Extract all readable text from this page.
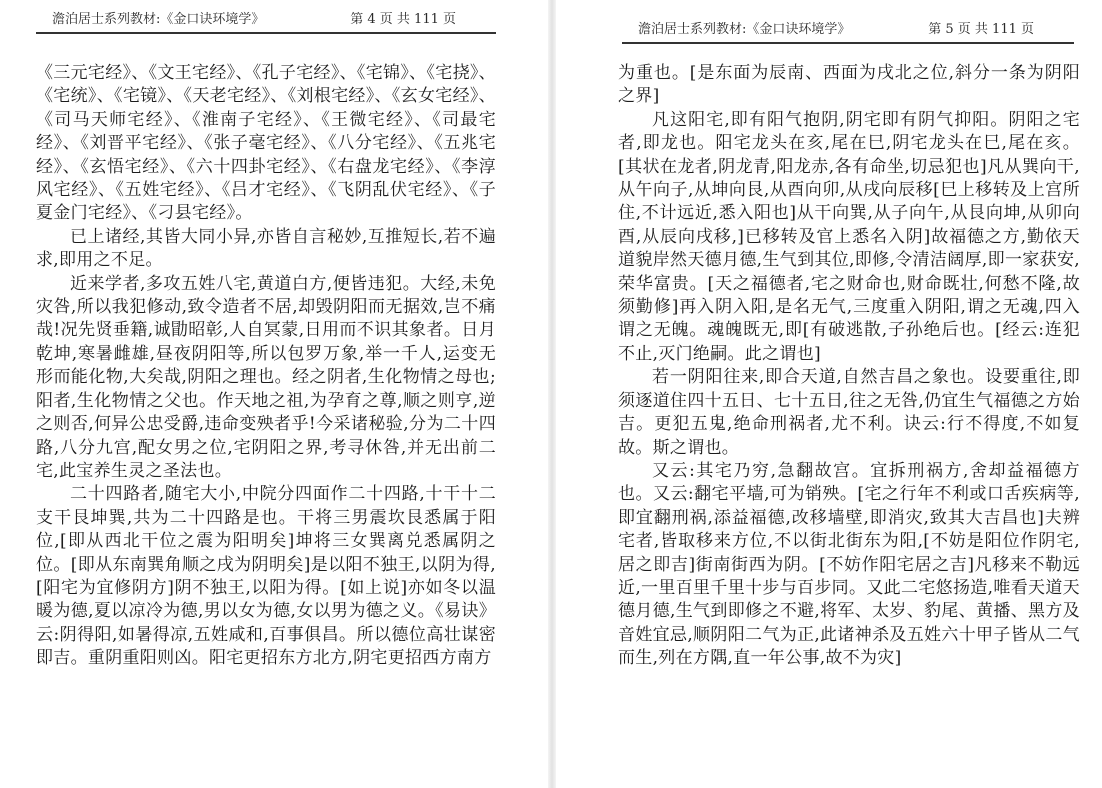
澹泊居士系列教材:《金口诀环境学》	第 4 页 共 111 页

《三元宅经》、《文王宅经》、《孔子宅经》、《宅锦》、《宅挠》、《宅统》、《宅镜》、《天老宅经》、《刘根宅经》、《玄女宅经》、《司马天师宅经》、《淮南子宅经》、《王微宅经》、《司最宅经》、《刘晋平宅经》、《张子毫宅经》、《八分宅经》、《五兆宅经》、《玄悟宅经》、《六十四卦宅经》、《右盘龙宅经》、《李淳风宅经》、《五姓宅经》、《吕才宅经》、《飞阴乱伏宅经》、《子夏金门宅经》、《刁县宅经》。

已上诸经,其皆大同小异,亦皆自言秘妙,互推短长,若不遍求,即用之不足。

近来学者,多攻五姓八宅,黄道白方,便皆违犯。大经,未免灾咎,所以我犯修动,致令造者不居,却毁阴阳而无据效,岂不痛哉!况先贤垂籍,诚勖昭彰,人自冥蒙,日用而不识其象者。日月乾坤,寒暑雌雄,昼夜阴阳等,所以包罗万象,举一千人,运变无形而能化物,大矣哉,阴阳之理也。经之阴者,生化物情之母也;阳者,生化物情之父也。作天地之祖,为孕育之尊,顺之则亨,逆之则否,何异公忠受爵,违命变殃者乎!今采诸秘验,分为二十四路,八分九宫,配女男之位,宅阴阳之界,考寻休咎,并无出前二宅,此宝养生灵之圣法也。

二十四路者,随宅大小,中院分四面作二十四路,十干十二支干艮坤巽,共为二十四路是也。干将三男震坎艮悉属于阳位,[即从西北干位之震为阳明矣]坤将三女巽离兑悉属阴之位。[即从东南巽角顺之戌为阴明矣]是以阳不独王,以阴为得,[阳宅为宜修阴方]阴不独王,以阳为得。[如上说]亦如冬以温暖为德,夏以凉冷为德,男以女为德,女以男为德之义。《易诀》云:阴得阳,如暑得凉,五姓咸和,百事俱昌。所以德位高壮谋密即吉。重阴重阳则凶。阳宅更招东方北方,阴宅更招西方南方

澹泊居士系列教材:《金口诀环境学》	第 5 页 共 111 页

为重也。[是东面为辰南、西面为戌北之位,斜分一条为阴阳之界]

凡这阳宅,即有阳气抱阴,阴宅即有阴气抑阳。阴阳之宅者,即龙也。阳宅龙头在亥,尾在巳,阴宅龙头在巳,尾在亥。[其状在龙者,阴龙青,阳龙赤,各有命坐,切忌犯也]凡从巽向干,从午向子,从坤向艮,从酉向卯,从戌向辰移[巳上移转及上宫所住,不计远近,悉入阳也]从干向巽,从子向午,从艮向坤,从卯向酉,从辰向戌移,]已移转及官上悉名入阴]故福德之方,勤依天道貌岸然天德月德,生气到其位,即修,令清洁阔厚,即一家获安,荣华富贵。[天之福德者,宅之财命也,财命既壮,何愁不隆,故须勤修]再入阴入阳,是名无气,三度重入阴阳,谓之无魂,四入谓之无魄。魂魄既无,即[有破逃散,子孙绝后也。[经云:连犯不止,灭门绝嗣。此之谓也]

若一阴阳往来,即合天道,自然吉昌之象也。设要重往,即须逐道住四十五日、七十五日,往之无咎,仍宜生气福德之方始吉。更犯五鬼,绝命刑祸者,尤不利。诀云:行不得度,不如复故。斯之谓也。

又云:其宅乃穷,急翻故宫。宜拆刑祸方,舍却益福德方也。又云:翻宅平墙,可为销殃。[宅之行年不利或口舌疾病等,即宜翻刑祸,添益福德,改移墙壁,即消灾,致其大吉昌也]夫辨宅者,皆取移来方位,不以街北街东为阳,[不妨是阳位作阴宅,居之即吉]街南街西为阴。[不妨作阳宅居之吉]凡移来不勒远近,一里百里千里十步与百步同。又此二宅悠扬造,唯看天道天德月德,生气到即修之不避,将军、太岁、豹尾、黄播、黑方及音姓宜忌,顺阴阳二气为正,此诸神杀及五姓六十甲子皆从二气而生,列在方隅,直一年公事,故不为灾]
